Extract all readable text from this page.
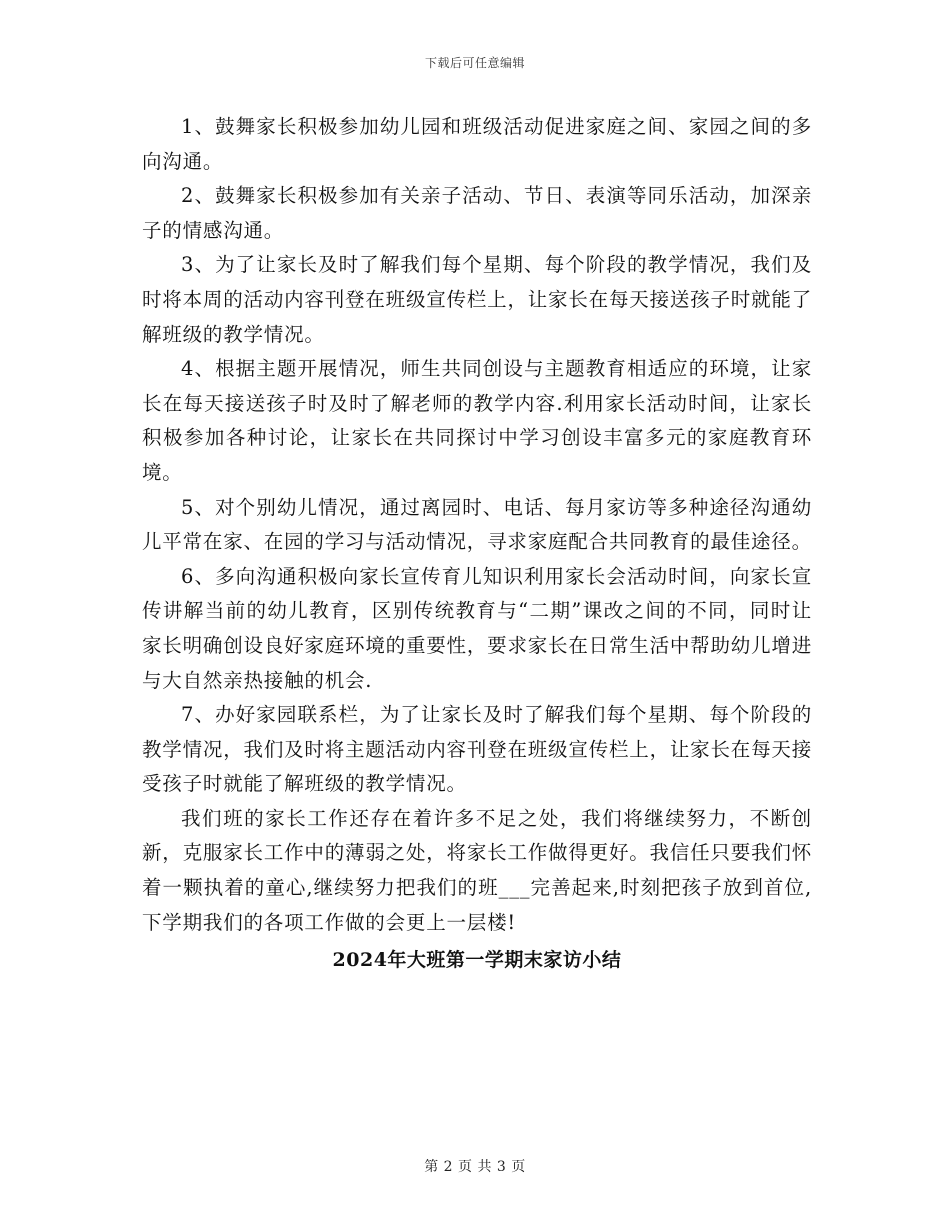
下载后可任意编辑

1、鼓舞家长积极参加幼儿园和班级活动促进家庭之间、家园之间的多向沟通。

2、鼓舞家长积极参加有关亲子活动、节日、表演等同乐活动，加深亲子的情感沟通。

3、为了让家长及时了解我们每个星期、每个阶段的教学情况，我们及时将本周的活动内容刊登在班级宣传栏上，让家长在每天接送孩子时就能了解班级的教学情况。

4、根据主题开展情况，师生共同创设与主题教育相适应的环境，让家长在每天接送孩子时及时了解老师的教学内容.利用家长活动时间，让家长积极参加各种讨论，让家长在共同探讨中学习创设丰富多元的家庭教育环境。

5、对个别幼儿情况，通过离园时、电话、每月家访等多种途径沟通幼儿平常在家、在园的学习与活动情况，寻求家庭配合共同教育的最佳途径。

6、多向沟通积极向家长宣传育儿知识利用家长会活动时间，向家长宣传讲解当前的幼儿教育，区别传统教育与“二期”课改之间的不同，同时让家长明确创设良好家庭环境的重要性，要求家长在日常生活中帮助幼儿增进与大自然亲热接触的机会.

7、办好家园联系栏，为了让家长及时了解我们每个星期、每个阶段的教学情况，我们及时将主题活动内容刊登在班级宣传栏上，让家长在每天接受孩子时就能了解班级的教学情况。

我们班的家长工作还存在着许多不足之处，我们将继续努力，不断创新，克服家长工作中的薄弱之处，将家长工作做得更好。我信任只要我们怀着一颗执着的童心,继续努力把我们的班___完善起来,时刻把孩子放到首位,下学期我们的各项工作做的会更上一层楼!

2024年大班第一学期末家访小结
第 2 页 共 3 页
